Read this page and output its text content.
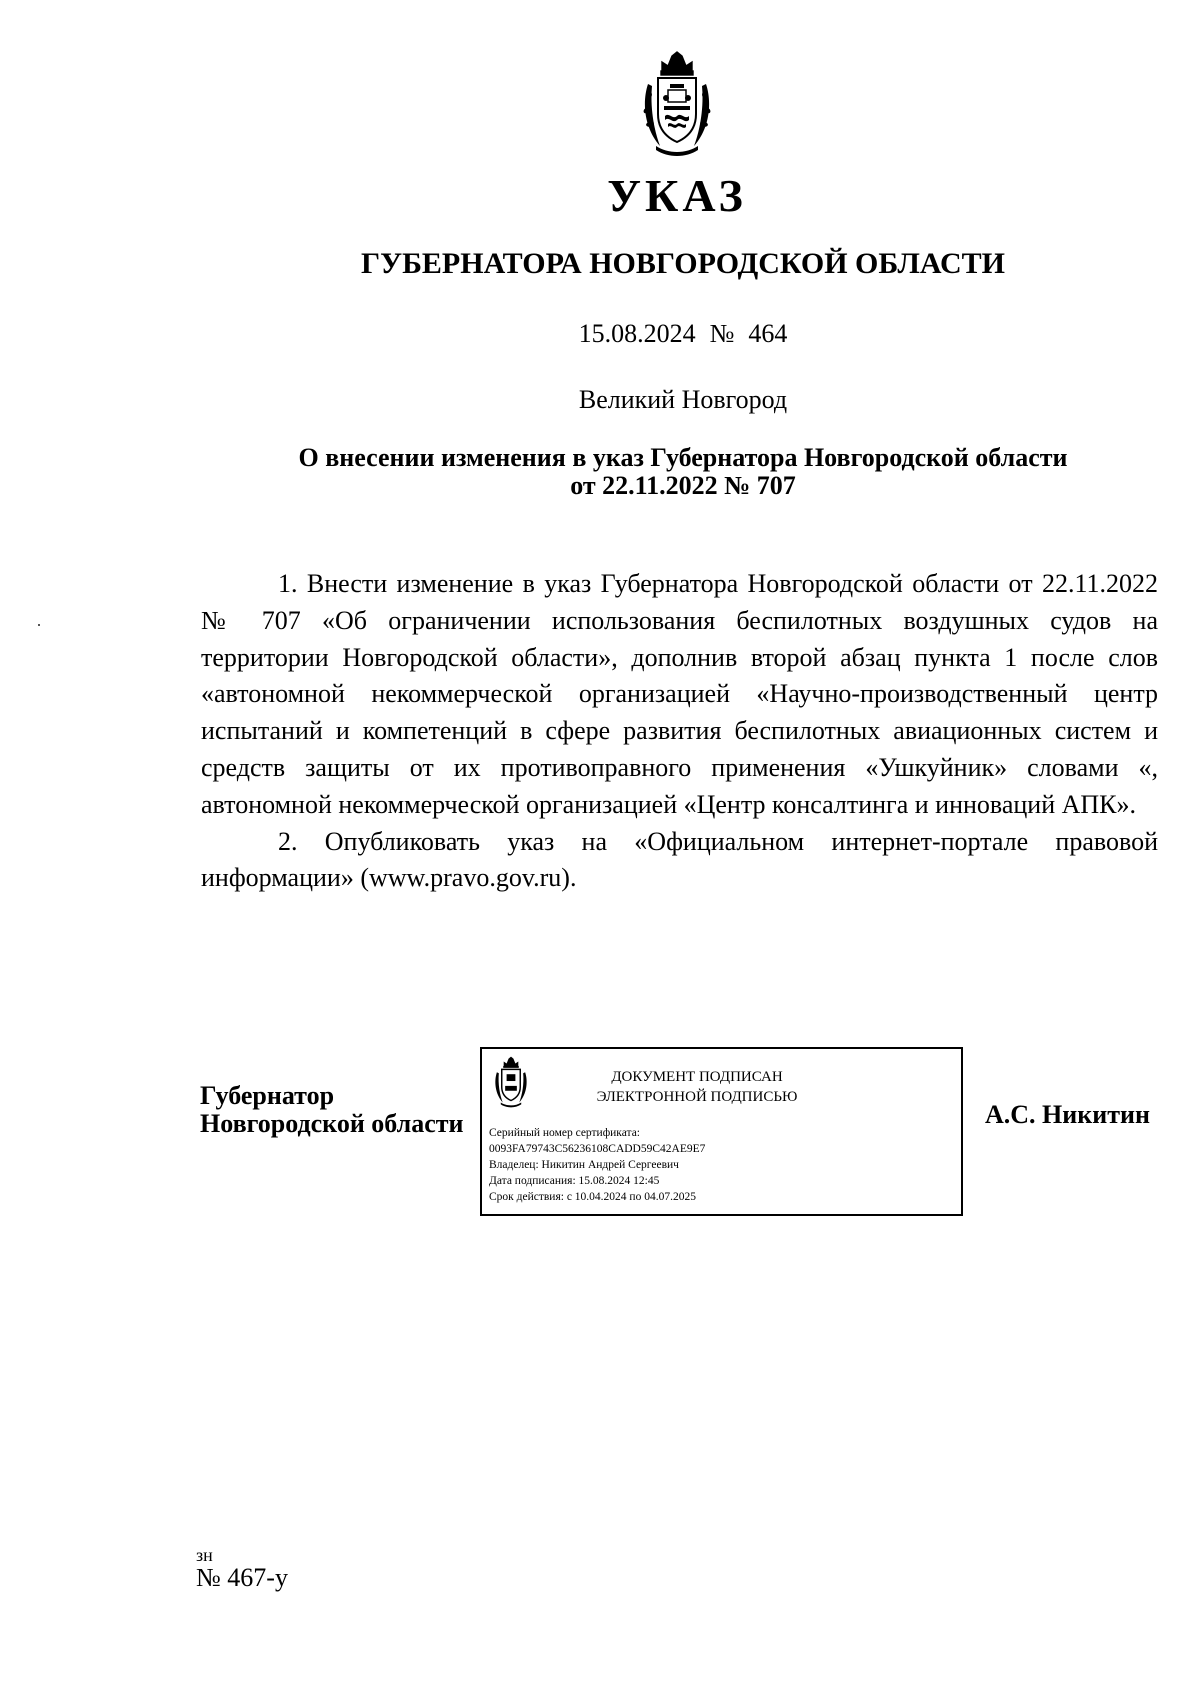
УКАЗ
ГУБЕРНАТОРА НОВГОРОДСКОЙ ОБЛАСТИ
15.08.2024 № 464
Великий Новгород
О внесении изменения в указ Губернатора Новгородской области
от 22.11.2022 № 707

1. Внести изменение в указ Губернатора Новгородской области от 22.11.2022 № 707 «Об ограничении использования беспилотных воздушных судов на территории Новгородской области», дополнив второй абзац пункта 1 после слов «автономной некоммерческой организацией «Научно-производственный центр испытаний и компетенций в сфере развития беспилотных авиационных систем и средств защиты от их противоправного применения «Ушкуйник» словами «, автономной некоммерческой организацией «Центр консалтинга и инноваций АПК».

2. Опубликовать указ на «Официальном интернет-портале правовой информации» (www.pravo.gov.ru).

Губернатор
Новгородской области
ДОКУМЕНТ ПОДПИСАН
ЭЛЕКТРОННОЙ ПОДПИСЬЮ
Серийный номер сертификата:
0093FA79743C56236108CADD59C42AE9E7
Владелец: Никитин Андрей Сергеевич
Дата подписания: 15.08.2024 12:45
Срок действия: с 10.04.2024 по 04.07.2025
А.С. Никитин
зн
№ 467-у
